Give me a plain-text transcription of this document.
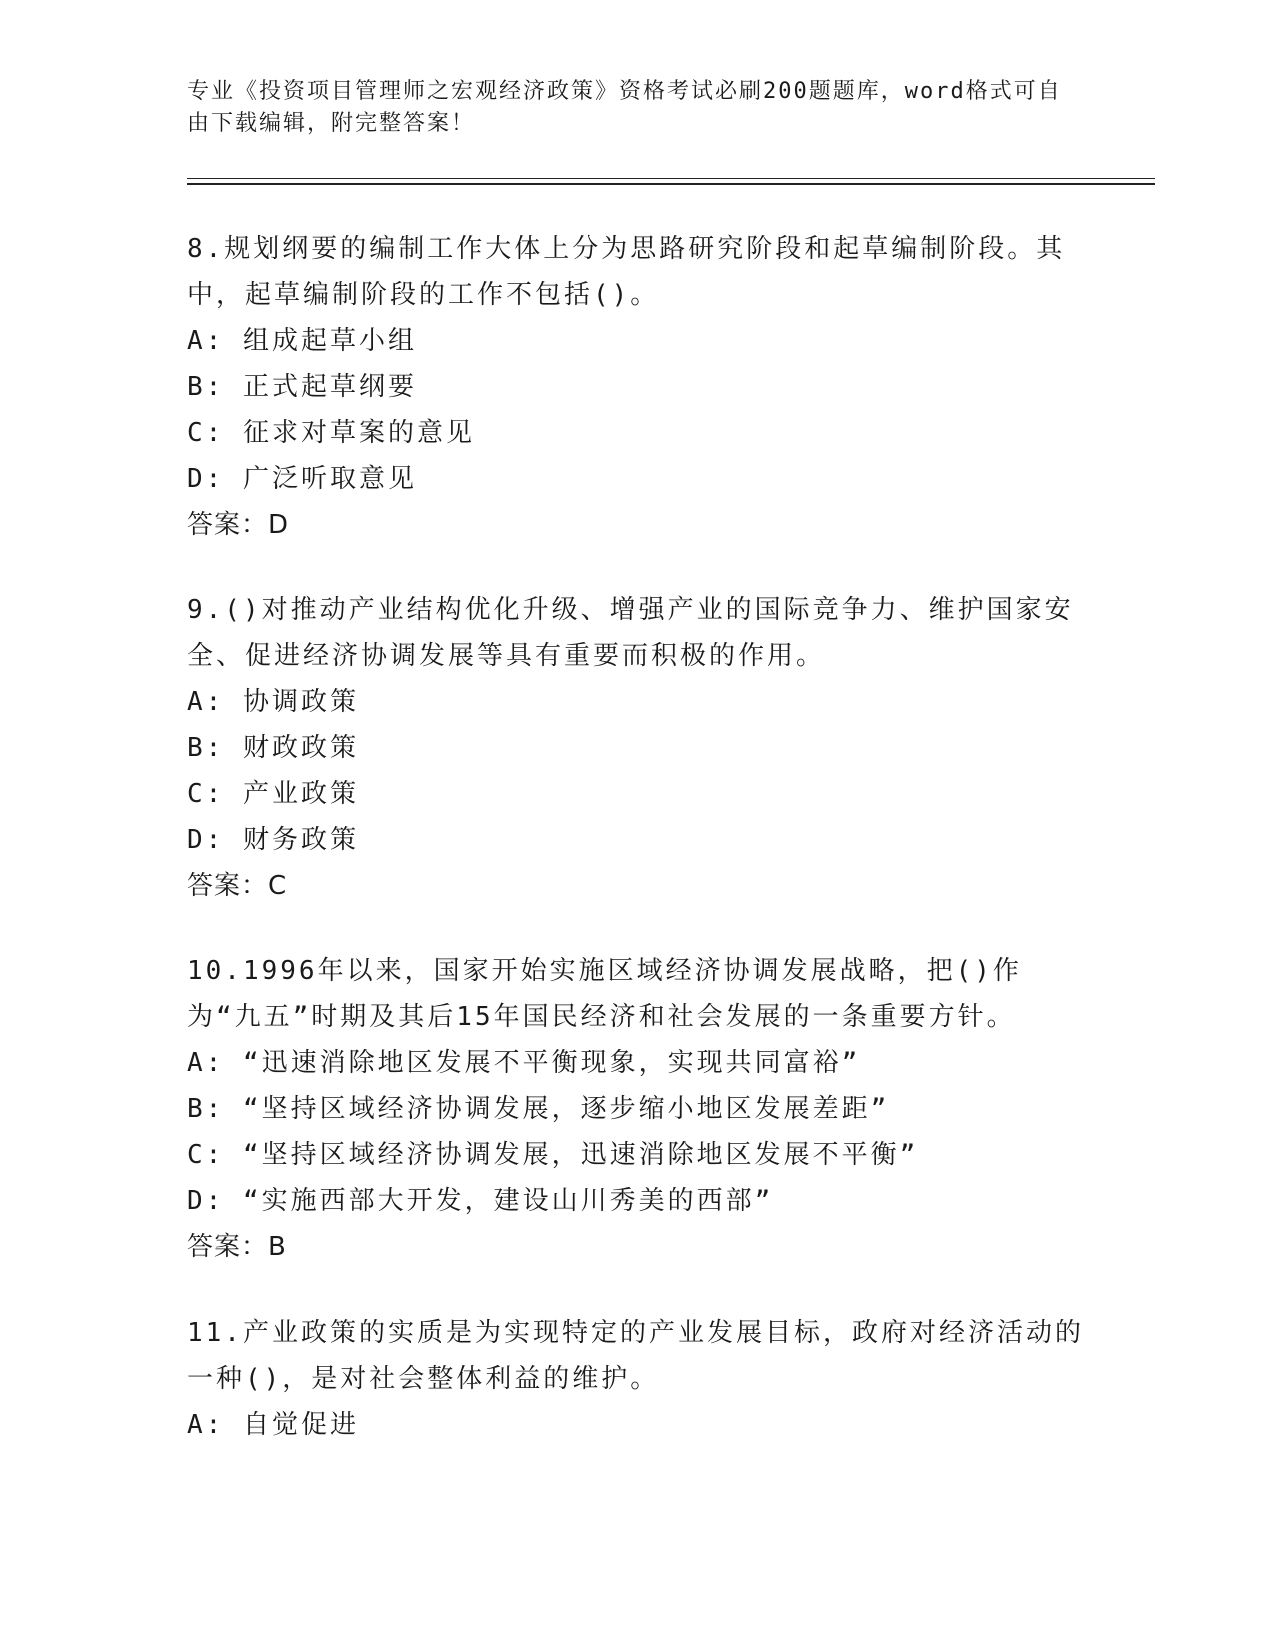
专业《投资项目管理师之宏观经济政策》资格考试必刷200题题库，word格式可自由下载编辑，附完整答案！

8.规划纲要的编制工作大体上分为思路研究阶段和起草编制阶段。其中，起草编制阶段的工作不包括()。

A: 组成起草小组

B: 正式起草纲要

C: 征求对草案的意见

D: 广泛听取意见

答案：D

9.()对推动产业结构优化升级、增强产业的国际竞争力、维护国家安全、促进经济协调发展等具有重要而积极的作用。

A: 协调政策

B: 财政政策

C: 产业政策

D: 财务政策

答案：C

10.1996年以来，国家开始实施区域经济协调发展战略，把()作为“九五”时期及其后15年国民经济和社会发展的一条重要方针。

A: “迅速消除地区发展不平衡现象，实现共同富裕”

B: “坚持区域经济协调发展，逐步缩小地区发展差距”

C: “坚持区域经济协调发展，迅速消除地区发展不平衡”

D: “实施西部大开发，建设山川秀美的西部”

答案：B

11.产业政策的实质是为实现特定的产业发展目标，政府对经济活动的一种()，是对社会整体利益的维护。

A: 自觉促进
